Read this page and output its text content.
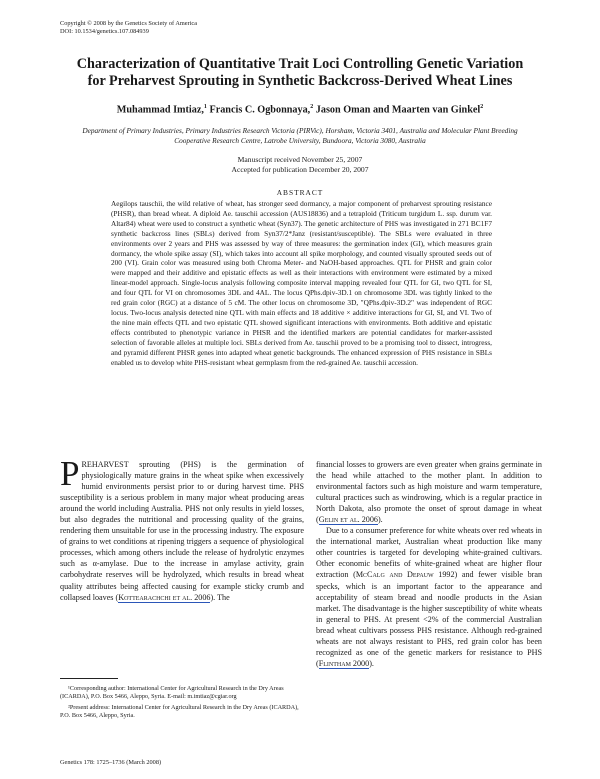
Copyright © 2008 by the Genetics Society of America
DOI: 10.1534/genetics.107.084939
Characterization of Quantitative Trait Loci Controlling Genetic Variation
for Preharvest Sprouting in Synthetic Backcross-Derived Wheat Lines
Muhammad Imtiaz,$^1$ Francis C. Ogbonnaya,$^2$ Jason Oman and Maarten van Ginkel$^2$
Department of Primary Industries, Primary Industries Research Victoria (PIRVic), Horsham, Victoria 3401, Australia and Molecular Plant Breeding Cooperative Research Centre, Latrobe University, Bundoora, Victoria 3080, Australia
Manuscript received November 25, 2007
Accepted for publication December 20, 2007
ABSTRACT

Aegilops tauschii, the wild relative of wheat, has stronger seed dormancy, a major component of preharvest sprouting resistance (PHSR), than bread wheat. A diploid Ae. tauschii accession (AUS18836) and a tetraploid (Triticum turgidum L. ssp. durum var. Altar84) wheat were used to construct a synthetic wheat (Syn37). The genetic architecture of PHS was investigated in 271 BC1F7 synthetic backcross lines (SBLs) derived from Syn37/2*Janz (resistant/susceptible). The SBLs were evaluated in three environments over 2 years and PHS was assessed by way of three measures: the germination index (GI), which measures grain dormancy, the whole spike assay (SI), which takes into account all spike morphology, and counted visually sprouted seeds out of 200 (VI). Grain color was measured using both Chroma Meter- and NaOH-based approaches. QTL for PHSR and grain color were mapped and their additive and epistatic effects as well as their interactions with environment were estimated by a mixed linear-model approach. Single-locus analysis following composite interval mapping revealed four QTL for GI, two QTL for SI, and four QTL for VI on chromosomes 3DL and 4AL. The locus QPhs.dpiv-3D.1 on chromosome 3DL was tightly linked to the red grain color (RGC) at a distance of 5 cM. The other locus on chromosome 3D, "QPhs.dpiv-3D.2" was independent of RGC locus. Two-locus analysis detected nine QTL with main effects and 18 additive × additive interactions for GI, SI, and VI. Two of the nine main effects QTL and two epistatic QTL showed significant interactions with environments. Both additive and epistatic effects contributed to phenotypic variance in PHSR and the identified markers are potential candidates for marker-assisted selection of favorable alleles at multiple loci. SBLs derived from Ae. tauschii proved to be a promising tool to dissect, introgress, and pyramid different PHSR genes into adapted wheat genetic backgrounds. The enhanced expression of PHS resistance in SBLs enabled us to develop white PHS-resistant wheat germplasm from the red-grained Ae. tauschii accession.

PREHARVEST sprouting (PHS) is the germination of physiologically mature grains in the wheat spike when excessively humid environments persist prior to or during harvest time. PHS susceptibility is a serious problem in many major wheat producing areas around the world including Australia. PHS not only results in yield losses, but also degrades the nutritional and processing quality of the grains, rendering them unsuitable for use in the processing industry. The exposure of grains to wet conditions at ripening triggers a sequence of physiological processes, which among others include the release of hydrolytic enzymes such as α-amylase. Due to the increase in amylase activity, grain carbohydrate reserves will be hydrolyzed, which results in bread wheat quality attributes being affected causing for example sticky crumb and collapsed loaves (Kottearachchi et al. 2006). The

financial losses to growers are even greater when grains germinate in the head while attached to the mother plant. In addition to environmental factors such as high moisture and warm temperature, cultural practices such as windrowing, which is a regular practice in North Dakota, also promote the onset of sprout damage in wheat (Gelin et al. 2006).

Due to a consumer preference for white wheats over red wheats in the international market, Australian wheat production like many other countries is targeted for developing white-grained cultivars. Other economic benefits of white-grained wheat are higher flour extraction (McCalg and Depauw 1992) and fewer visible bran specks, which is an important factor to the appearance and acceptability of steam bread and noodle products in the Asian market. The disadvantage is the higher susceptibility of white wheats in general to PHS. At present <2% of the commercial Australian bread wheat cultivars possess PHS resistance. Although red-grained wheats are not always resistant to PHS, red grain color has been recognized as one of the genetic markers for resistance to PHS (Flintham 2000).

¹Corresponding author: International Center for Agricultural Research in the Dry Areas (ICARDA), P.O. Box 5466, Aleppo, Syria. E-mail: m.imtiaz@cgiar.org

²Present address: International Center for Agricultural Research in the Dry Areas (ICARDA), P.O. Box 5466, Aleppo, Syria.

Genetics 178: 1725–1736 (March 2008)
